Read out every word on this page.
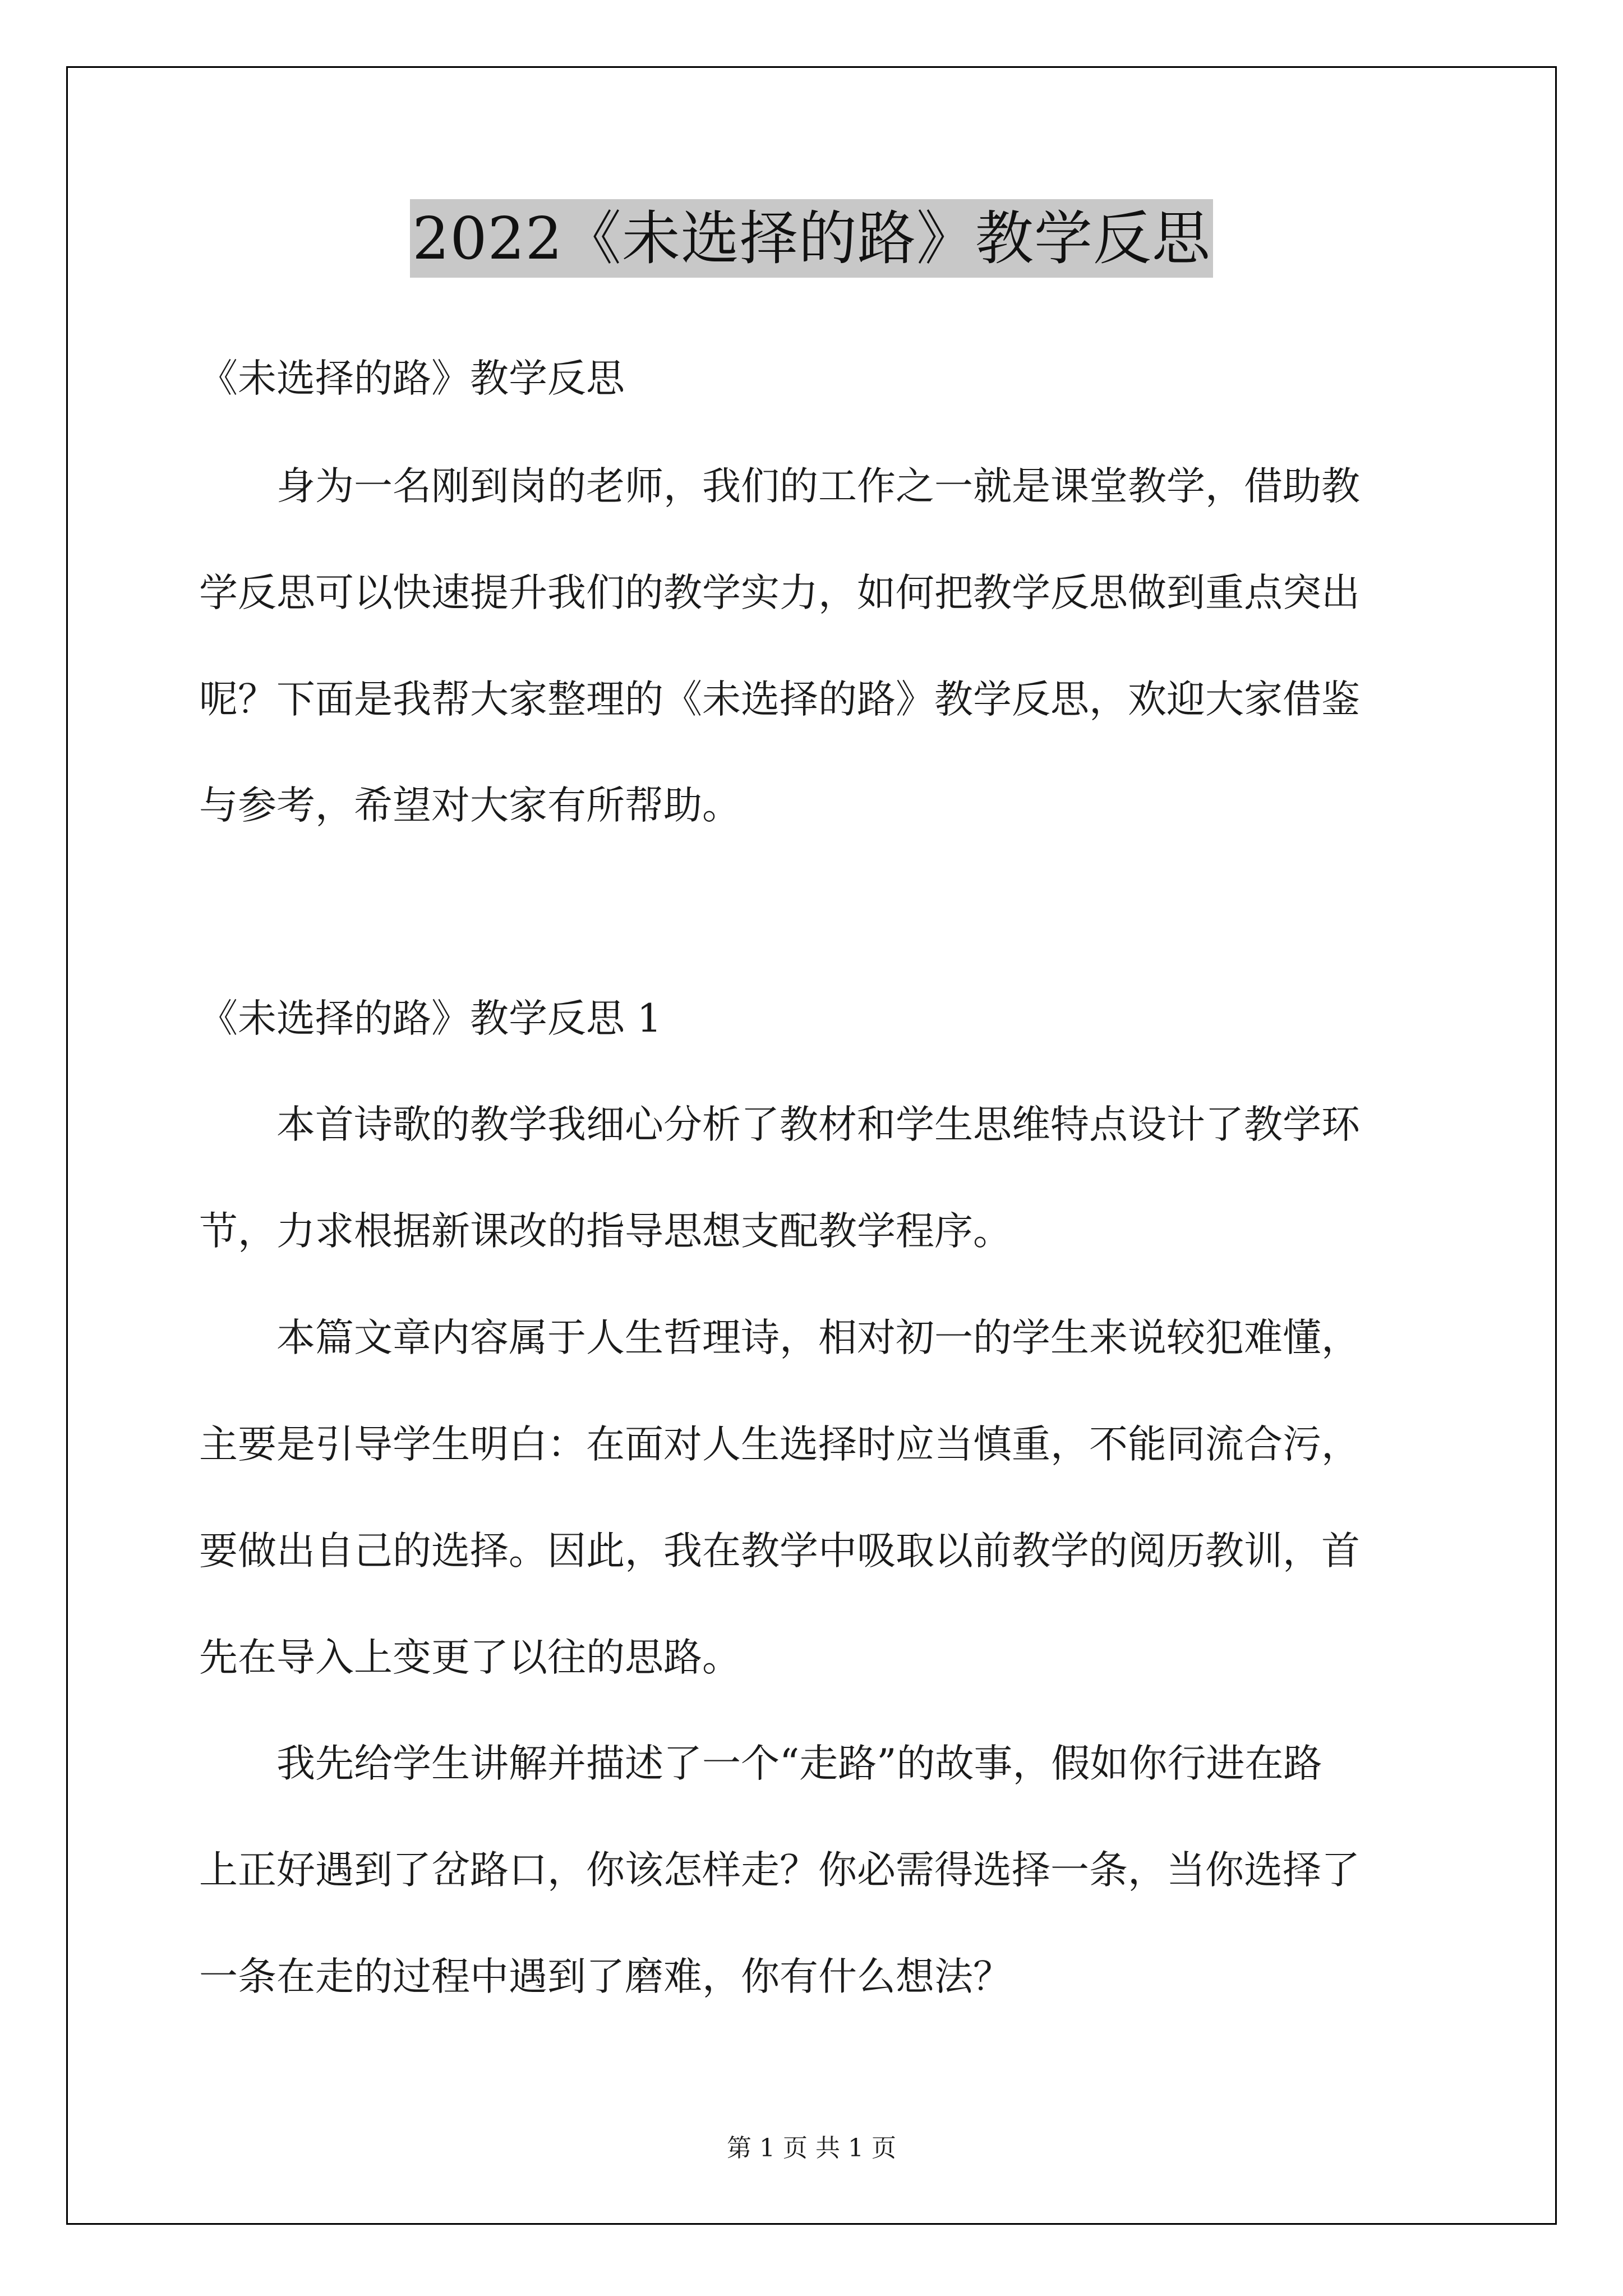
2022《未选择的路》教学反思
《未选择的路》教学反思
身为一名刚到岗的老师，我们的工作之一就是课堂教学，借助教
学反思可以快速提升我们的教学实力，如何把教学反思做到重点突出
呢？下面是我帮大家整理的《未选择的路》教学反思，欢迎大家借鉴
与参考，希望对大家有所帮助。
《未选择的路》教学反思 1
本首诗歌的教学我细心分析了教材和学生思维特点设计了教学环
节，力求根据新课改的指导思想支配教学程序。
本篇文章内容属于人生哲理诗，相对初一的学生来说较犯难懂，
主要是引导学生明白：在面对人生选择时应当慎重，不能同流合污，
要做出自己的选择。因此，我在教学中吸取以前教学的阅历教训，首
先在导入上变更了以往的思路。
我先给学生讲解并描述了一个“走路”的故事，假如你行进在路
上正好遇到了岔路口，你该怎样走？你必需得选择一条，当你选择了
一条在走的过程中遇到了磨难，你有什么想法？
第 1 页 共 1 页
